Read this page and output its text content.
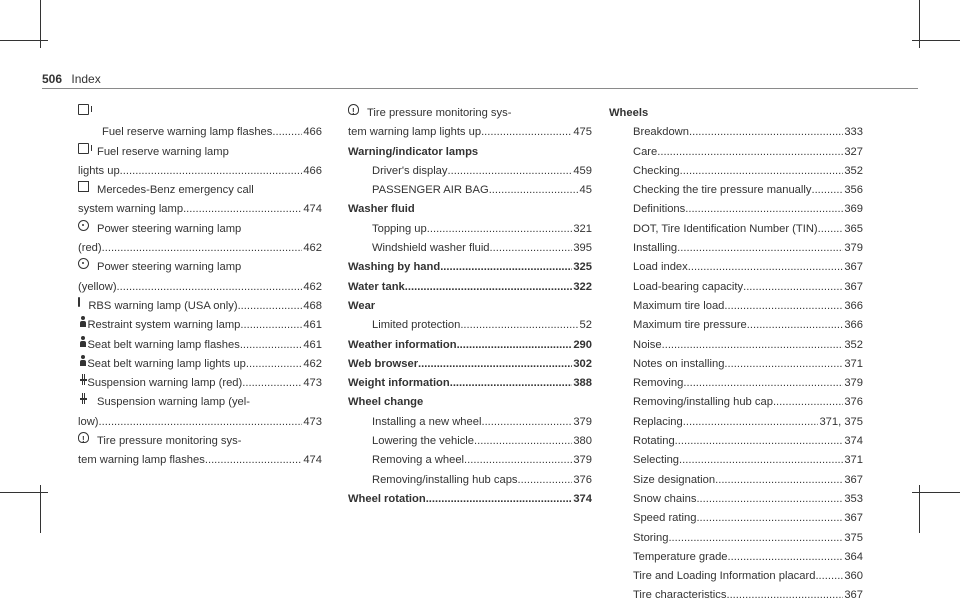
506 Index
Fuel reserve warning lamp flashes .....	466
Fuel reserve warning lamp
lights up .....	466
Mercedes-Benz emergency call
system warning lamp .....	474
Power steering warning lamp
(red) .....	462
Power steering warning lamp
(yellow) .....	462
RBS warning lamp (USA only) .....	468
Restraint system warning lamp .....	461
Seat belt warning lamp flashes .....	461
Seat belt warning lamp lights up .....	462
Suspension warning lamp (red) .....	473
Suspension warning lamp (yel-
low) .....	473
!
Tire pressure monitoring sys-
tem warning lamp flashes .....	474
!
Tire pressure monitoring sys-
tem warning lamp lights up .....	475
Warning/indicator lamps
Driver's display .....	459
PASSENGER AIR BAG .....	45
Washer fluid
Topping up .....	321
Windshield washer fluid .....	395
Washing by hand .....	325
Water tank .....	322
Wear
Limited protection .....	52
Weather information .....	290
Web browser .....	302
Weight information .....	388
Wheel change
Installing a new wheel .....	379
Lowering the vehicle .....	380
Removing a wheel .....	379
Removing/installing hub caps .....	376
Wheel rotation .....	374
Wheels
Breakdown .....	333
Care .....	327
Checking .....	352
Checking the tire pressure manually .....	356
Definitions .....	369
DOT, Tire Identification Number (TIN) ..... 365
Installing .....	379
Load index .....	367
Load-bearing capacity .....	367
Maximum tire load .....	366
Maximum tire pressure .....	366
Noise .....	352
Notes on installing .....	371
Removing .....	379
Removing/installing hub cap .....	376
Replacing .....	371, 375
Rotating .....	374
Selecting .....	371
Size designation .....	367
Snow chains .....	353
Speed rating .....	367
Storing .....	375
Temperature grade .....	364
Tire and Loading Information placard .....	360
Tire characteristics .....	367
